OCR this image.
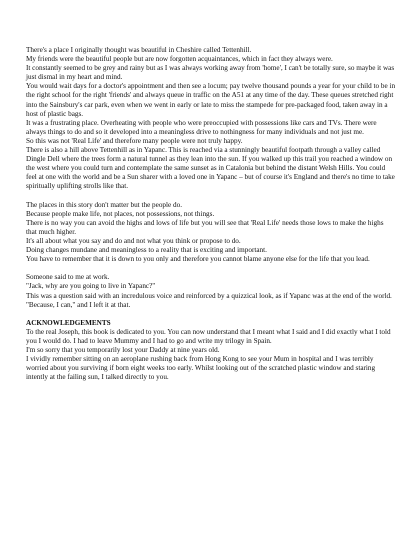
There's a place I originally thought was beautiful in Cheshire called Tettenhill.

My friends were the beautiful people but are now forgotten acquaintances, which in fact they always were.

It constantly seemed to be grey and rainy but as I was always working away from 'home', I can't be totally sure, so maybe it was just dismal in my heart and mind.

You would wait days for a doctor's appointment and then see a locum; pay twelve thousand pounds a year for your child to be in the right school for the right 'friends' and always queue in traffic on the A51 at any time of the day. These queues stretched right into the Sainsbury's car park, even when we went in early or late to miss the stampede for pre-packaged food, taken away in a host of plastic bags.

It was a frustrating place. Overheating with people who were preoccupied with possessions like cars and TVs. There were always things to do and so it developed into a meaningless drive to nothingness for many individuals and not just me.

So this was not 'Real Life' and therefore many people were not truly happy.

There is also a hill above Tettenhill as in Yapanc. This is reached via a stunningly beautiful footpath through a valley called Dingle Dell where the trees form a natural tunnel as they lean into the sun. If you walked up this trail you reached a window on the west where you could turn and contemplate the same sunset as in Catalonia but behind the distant Welsh Hills. You could feel at one with the world and be a Sun sharer with a loved one in Yapanc – but of course it's England and there's no time to take spiritually uplifting strolls like that.

The places in this story don't matter but the people do.

Because people make life, not places, not possessions, not things.

There is no way you can avoid the highs and lows of life but you will see that 'Real Life' needs those lows to make the highs that much higher.

It's all about what you say and do and not what you think or propose to do.

Doing changes mundane and meaningless to a reality that is exciting and important.

You have to remember that it is down to you only and therefore you cannot blame anyone else for the life that you lead.

Someone said to me at work.

"Jack, why are you going to live in Yapanc?"

This was a question said with an incredulous voice and reinforced by a quizzical look, as if Yapanc was at the end of the world.

"Because, I can," and I left it at that.

ACKNOWLEDGEMENTS

To the real Joseph, this book is dedicated to you. You can now understand that I meant what I said and I did exactly what I told you I would do. I had to leave Mummy and I had to go and write my trilogy in Spain.

I'm so sorry that you temporarily lost your Daddy at nine years old.

I vividly remember sitting on an aeroplane rushing back from Hong Kong to see your Mum in hospital and I was terribly worried about you surviving if born eight weeks too early. Whilst looking out of the scratched plastic window and staring intently at the failing sun, I talked directly to you.
